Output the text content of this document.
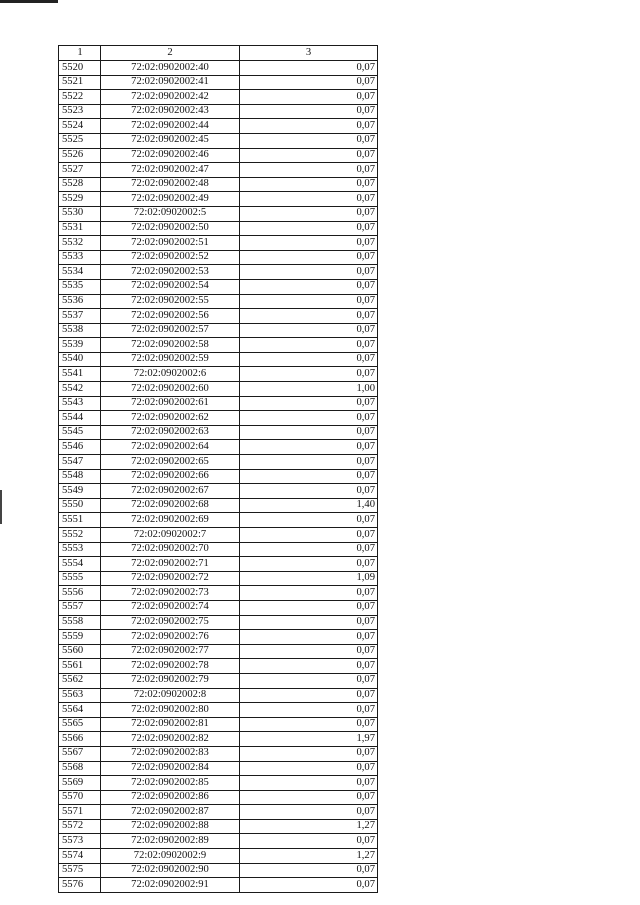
1	2	3
5520	72:02:0902002:40	0,07
5521	72:02:0902002:41	0,07
5522	72:02:0902002:42	0,07
5523	72:02:0902002:43	0,07
5524	72:02:0902002:44	0,07
5525	72:02:0902002:45	0,07
5526	72:02:0902002:46	0,07
5527	72:02:0902002:47	0,07
5528	72:02:0902002:48	0,07
5529	72:02:0902002:49	0,07
5530	72:02:0902002:5	0,07
5531	72:02:0902002:50	0,07
5532	72:02:0902002:51	0,07
5533	72:02:0902002:52	0,07
5534	72:02:0902002:53	0,07
5535	72:02:0902002:54	0,07
5536	72:02:0902002:55	0,07
5537	72:02:0902002:56	0,07
5538	72:02:0902002:57	0,07
5539	72:02:0902002:58	0,07
5540	72:02:0902002:59	0,07
5541	72:02:0902002:6	0,07
5542	72:02:0902002:60	1,00
5543	72:02:0902002:61	0,07
5544	72:02:0902002:62	0,07
5545	72:02:0902002:63	0,07
5546	72:02:0902002:64	0,07
5547	72:02:0902002:65	0,07
5548	72:02:0902002:66	0,07
5549	72:02:0902002:67	0,07
5550	72:02:0902002:68	1,40
5551	72:02:0902002:69	0,07
5552	72:02:0902002:7	0,07
5553	72:02:0902002:70	0,07
5554	72:02:0902002:71	0,07
5555	72:02:0902002:72	1,09
5556	72:02:0902002:73	0,07
5557	72:02:0902002:74	0,07
5558	72:02:0902002:75	0,07
5559	72:02:0902002:76	0,07
5560	72:02:0902002:77	0,07
5561	72:02:0902002:78	0,07
5562	72:02:0902002:79	0,07
5563	72:02:0902002:8	0,07
5564	72:02:0902002:80	0,07
5565	72:02:0902002:81	0,07
5566	72:02:0902002:82	1,97
5567	72:02:0902002:83	0,07
5568	72:02:0902002:84	0,07
5569	72:02:0902002:85	0,07
5570	72:02:0902002:86	0,07
5571	72:02:0902002:87	0,07
5572	72:02:0902002:88	1,27
5573	72:02:0902002:89	0,07
5574	72:02:0902002:9	1,27
5575	72:02:0902002:90	0,07
5576	72:02:0902002:91	0,07
